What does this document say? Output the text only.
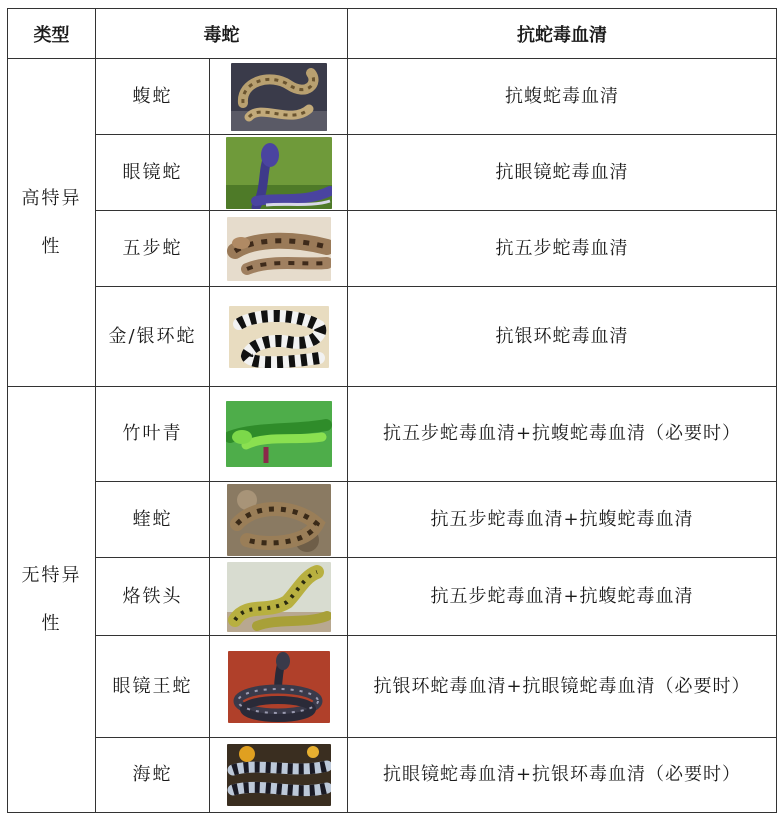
类型	毒蛇		抗蛇毒血清
高特异性	蝮蛇		抗蝮蛇毒血清
	眼镜蛇		抗眼镜蛇毒血清
	五步蛇		抗五步蛇毒血清
	金/银环蛇		抗银环蛇毒血清
无特异性	竹叶青		抗五步蛇毒血清+抗蝮蛇毒血清（必要时）
	蝰蛇		抗五步蛇毒血清+抗蝮蛇毒血清
	烙铁头		抗五步蛇毒血清+抗蝮蛇毒血清
	眼镜王蛇		抗银环蛇毒血清+抗眼镜蛇毒血清（必要时）
	海蛇		抗眼镜蛇毒血清+抗银环毒血清（必要时）
